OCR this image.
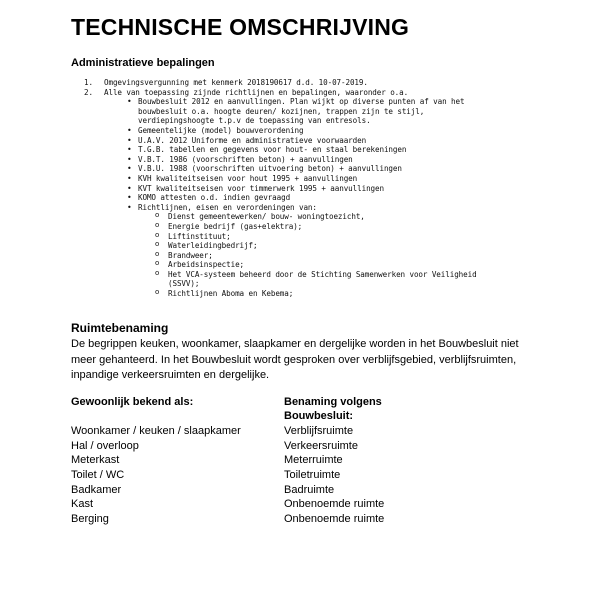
TECHNISCHE OMSCHRIJVING
Administratieve bepalingen
1. Omgevingsvergunning met kenmerk 2018190617 d.d. 10-07-2019.
2. Alle van toepassing zijnde richtlijnen en bepalingen, waaronder o.a.
• Bouwbesluit 2012 en aanvullingen. Plan wijkt op diverse punten af van het bouwbesluit o.a. hoogte deuren/ kozijnen, trappen zijn te stijl, verdiepingshoogte t.p.v de toepassing van entresols.
• Gemeentelijke (model) bouwverordening
• U.A.V. 2012 Uniforme en administratieve voorwaarden
• T.G.B. tabellen en gegevens voor hout- en staal berekeningen
• V.B.T. 1986 (voorschriften beton) + aanvullingen
• V.B.U. 1988 (voorschriften uitvoering beton) + aanvullingen
• KVH kwaliteitseisen voor hout 1995 + aanvullingen
• KVT kwaliteitseisen voor timmerwerk 1995 + aanvullingen
• KOMO attesten o.d. indien gevraagd
• Richtlijnen, eisen en verordeningen van:
o Dienst gemeentewerken/ bouw- woningtoezicht,
o Energie bedrijf (gas+elektra);
o Liftinstituut;
o Waterleidingbedrijf;
o Brandweer;
o Arbeidsinspectie;
o Het VCA-systeem beheerd door de Stichting Samenwerken voor Veiligheid (SSVV);
o Richtlijnen Aboma en Kebema;
Ruimtebenaming
De begrippen keuken, woonkamer, slaapkamer en dergelijke worden in het Bouwbesluit niet meer gehanteerd. In het Bouwbesluit wordt gesproken over verblijfsgebied, verblijfsruimten, inpandige verkeersruimten en dergelijke.
Gewoonlijk bekend als:	Benaming volgens
Bouwbesluit:
Woonkamer / keuken / slaapkamer	Verblijfsruimte
Hal / overloop	Verkeersruimte
Meterkast	Meterruimte
Toilet / WC	Toiletruimte
Badkamer	Badruimte
Kast	Onbenoemde ruimte
Berging	Onbenoemde ruimte
